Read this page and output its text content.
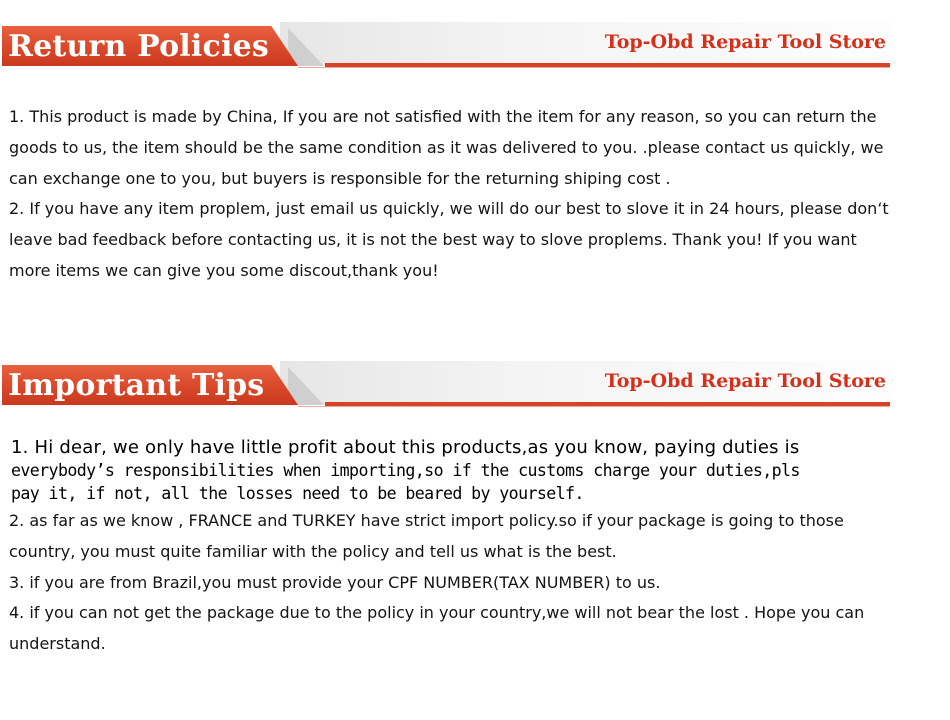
Return Policies	Top-Obd Repair Tool Store
1. This product is made by China, If you are not satisfied with the item for any reason, so you can return the goods to us, the item should be the same condition as it was delivered to you. .please contact us quickly, we can exchange one to you, but buyers is responsible for the returning shiping cost .
2. If you have any item proplem, just email us quickly, we will do our best to slove it in 24 hours, please don‘t leave bad feedback before contacting us, it is not the best way to slove proplems. Thank you! If you want more items we can give you some discout,thank you!
Important Tips	Top-Obd Repair Tool Store
1. Hi dear, we only have little profit about this products,as you know, paying duties is
everybody’s responsibilities when importing,so if the customs charge your duties,pls
pay it, if not, all the losses need to be beared by yourself.
2. as far as we know , FRANCE and TURKEY have strict import policy.so if your package is going to those country, you must quite familiar with the policy and tell us what is the best.
3. if you are from Brazil,you must provide your CPF NUMBER(TAX NUMBER) to us.
4. if you can not get the package due to the policy in your country,we will not bear the lost . Hope you can understand.
